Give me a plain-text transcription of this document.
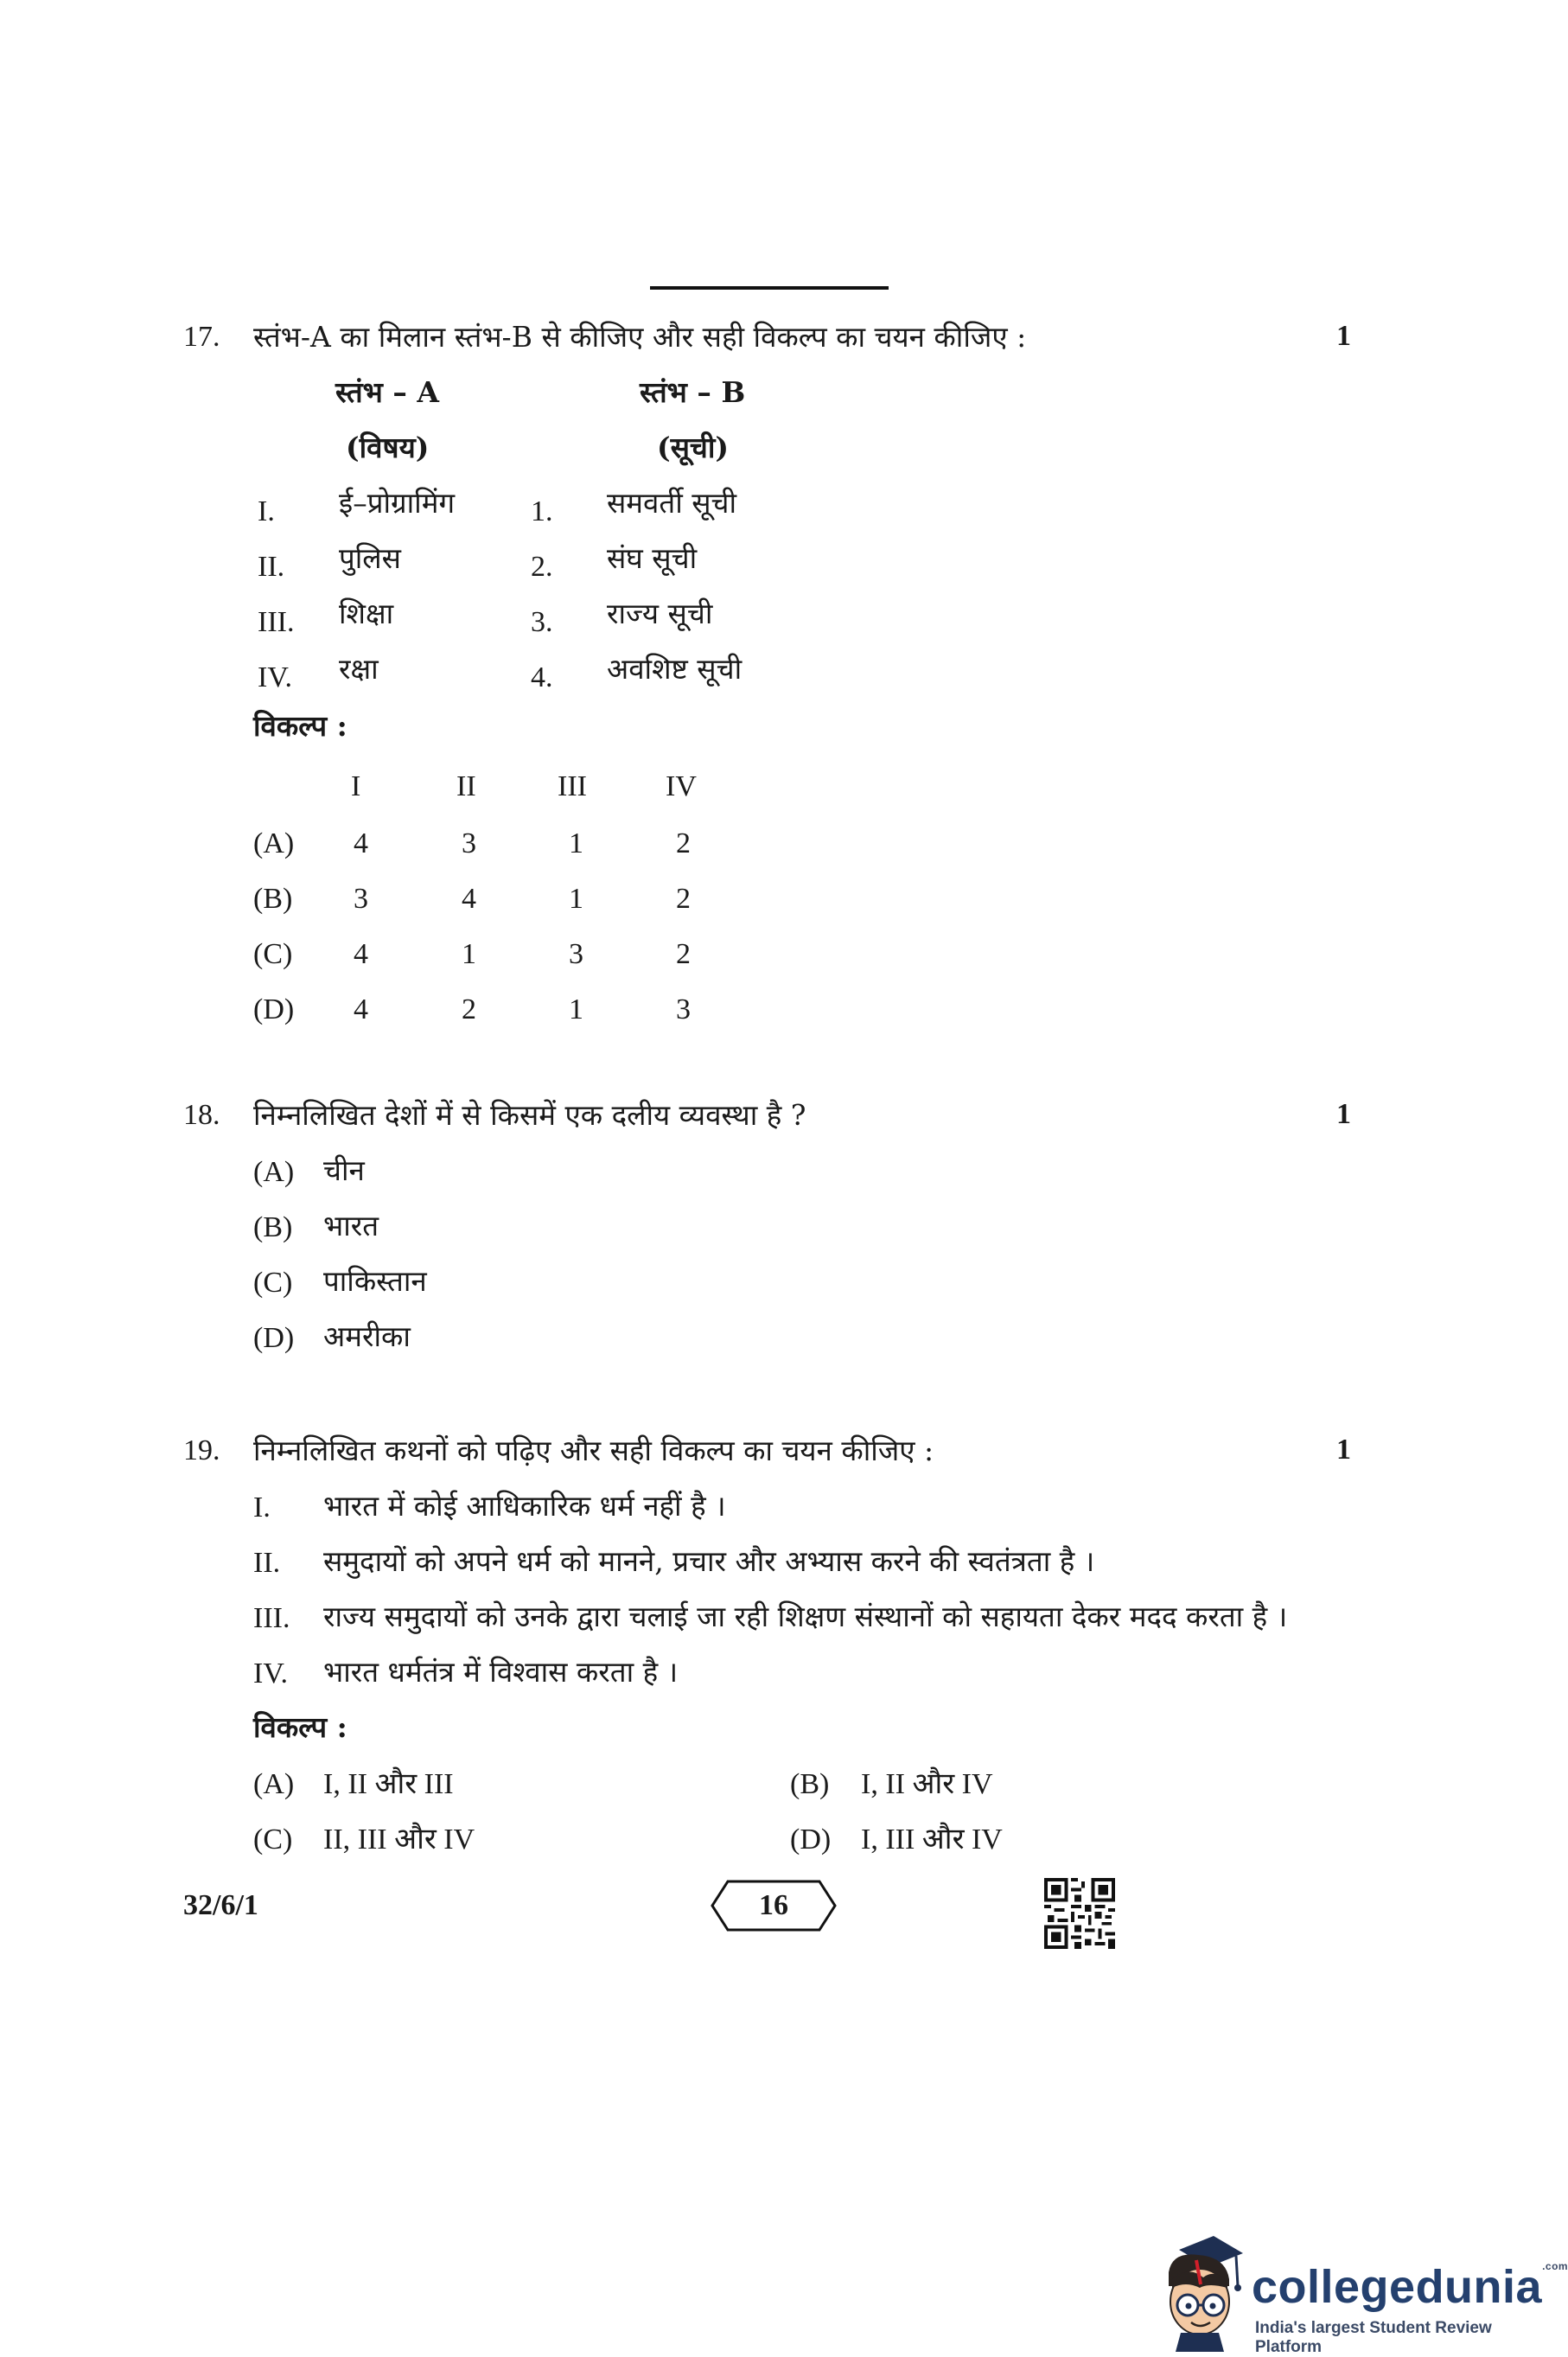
17. स्तंभ-A का मिलान स्तंभ-B से कीजिए और सही विकल्प का चयन कीजिए :	1
स्तंभ – A	स्तंभ – B
(विषय)	(सूची)
I. ई–प्रोग्रामिंग	1. समवर्ती सूची
II. पुलिस	2. संघ सूची
III. शिक्षा	3. राज्य सूची
IV. रक्षा	4. अवशिष्ट सूची
विकल्प :
I	II	III	IV
(A) 4	3	1	2
(B) 3	4	1	2
(C) 4	1	3	2
(D) 4	2	1	3
18. निम्नलिखित देशों में से किसमें एक दलीय व्यवस्था है ?	1
(A) चीन
(B) भारत
(C) पाकिस्तान
(D) अमरीका
19. निम्नलिखित कथनों को पढ़िए और सही विकल्प का चयन कीजिए :	1
I. भारत में कोई आधिकारिक धर्म नहीं है ।
II. समुदायों को अपने धर्म को मानने, प्रचार और अभ्यास करने की स्वतंत्रता है ।
III. राज्य समुदायों को उनके द्वारा चलाई जा रही शिक्षण संस्थानों को सहायता देकर मदद करता है ।
IV. भारत धर्मतंत्र में विश्वास करता है ।
विकल्प :
(A) I, II और III	(B) I, II और IV
(C) II, III और IV	(D) I, III और IV
32/6/1	16
collegedunia$^{.com}$
India's largest Student Review Platform
